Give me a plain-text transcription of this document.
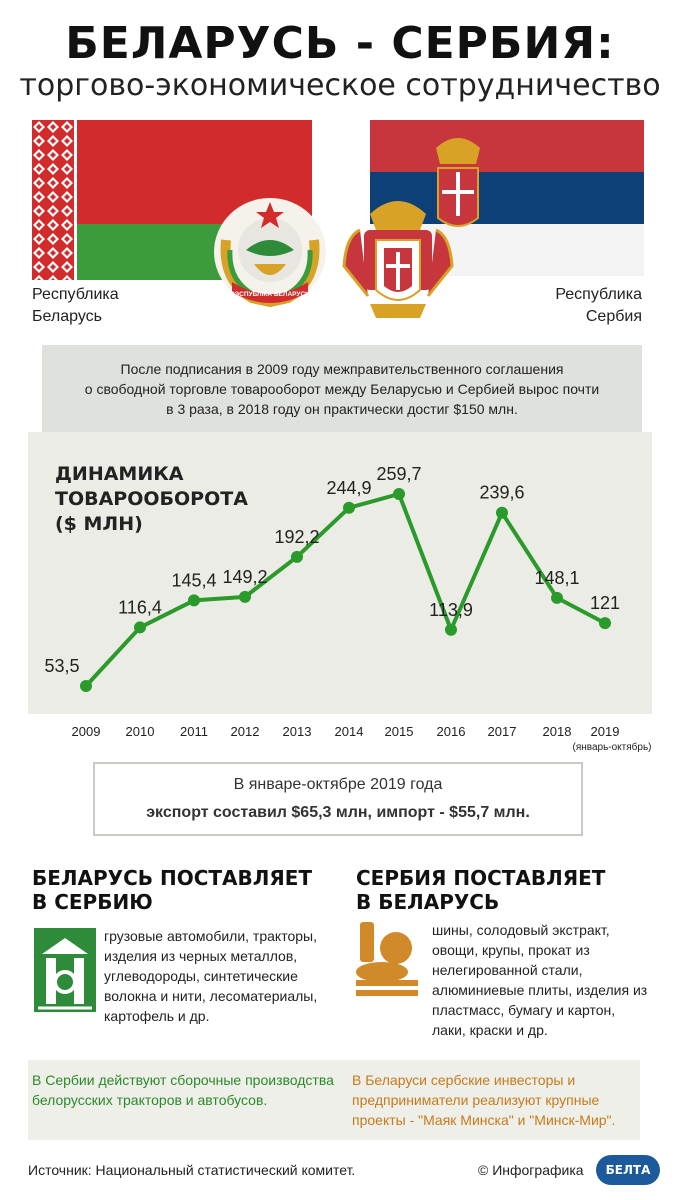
БЕЛАРУСЬ - СЕРБИЯ:
торгово-экономическое сотрудничество
РЭСПУБЛІКА БЕЛАРУСЬ
Республика
Беларусь
Республика
Сербия
После подписания в 2009 году межправительственного соглашения
о свободной торговле товарооборот между Беларусью и Сербией вырос почти
в 3 раза, в 2018 году он практически достиг $150 млн.
ДИНАМИКА
ТОВАРООБОРОТА
($ МЛН)
53,5
2009
116,4
2010
145,4
2011
149,2
2012
192,2
2013
244,9
2014
259,7
2015
113,9
2016
239,6
2017
148,1
2018
121
2019
(январь-октябрь)
В январе-октябре 2019 года
экспорт составил $65,3 млн, импорт - $55,7 млн.
БЕЛАРУСЬ ПОСТАВЛЯЕТ
В СЕРБИЮ
грузовые автомобили, тракторы,
изделия из черных металлов,
углеводороды, синтетические
волокна и нити, лесоматериалы,
картофель и др.
СЕРБИЯ ПОСТАВЛЯЕТ
В БЕЛАРУСЬ
шины, солодовый экстракт,
овощи, крупы, прокат из
нелегированной стали,
алюминиевые плиты, изделия из
пластмасс, бумагу и картон,
лаки, краски и др.
В Сербии действуют сборочные производства
белорусских тракторов и автобусов.
В Беларуси сербские инвесторы и
предприниматели реализуют крупные
проекты - "Маяк Минска" и "Минск-Мир".
Источник: Национальный статистический комитет.	© Инфографика	БЕЛТА
